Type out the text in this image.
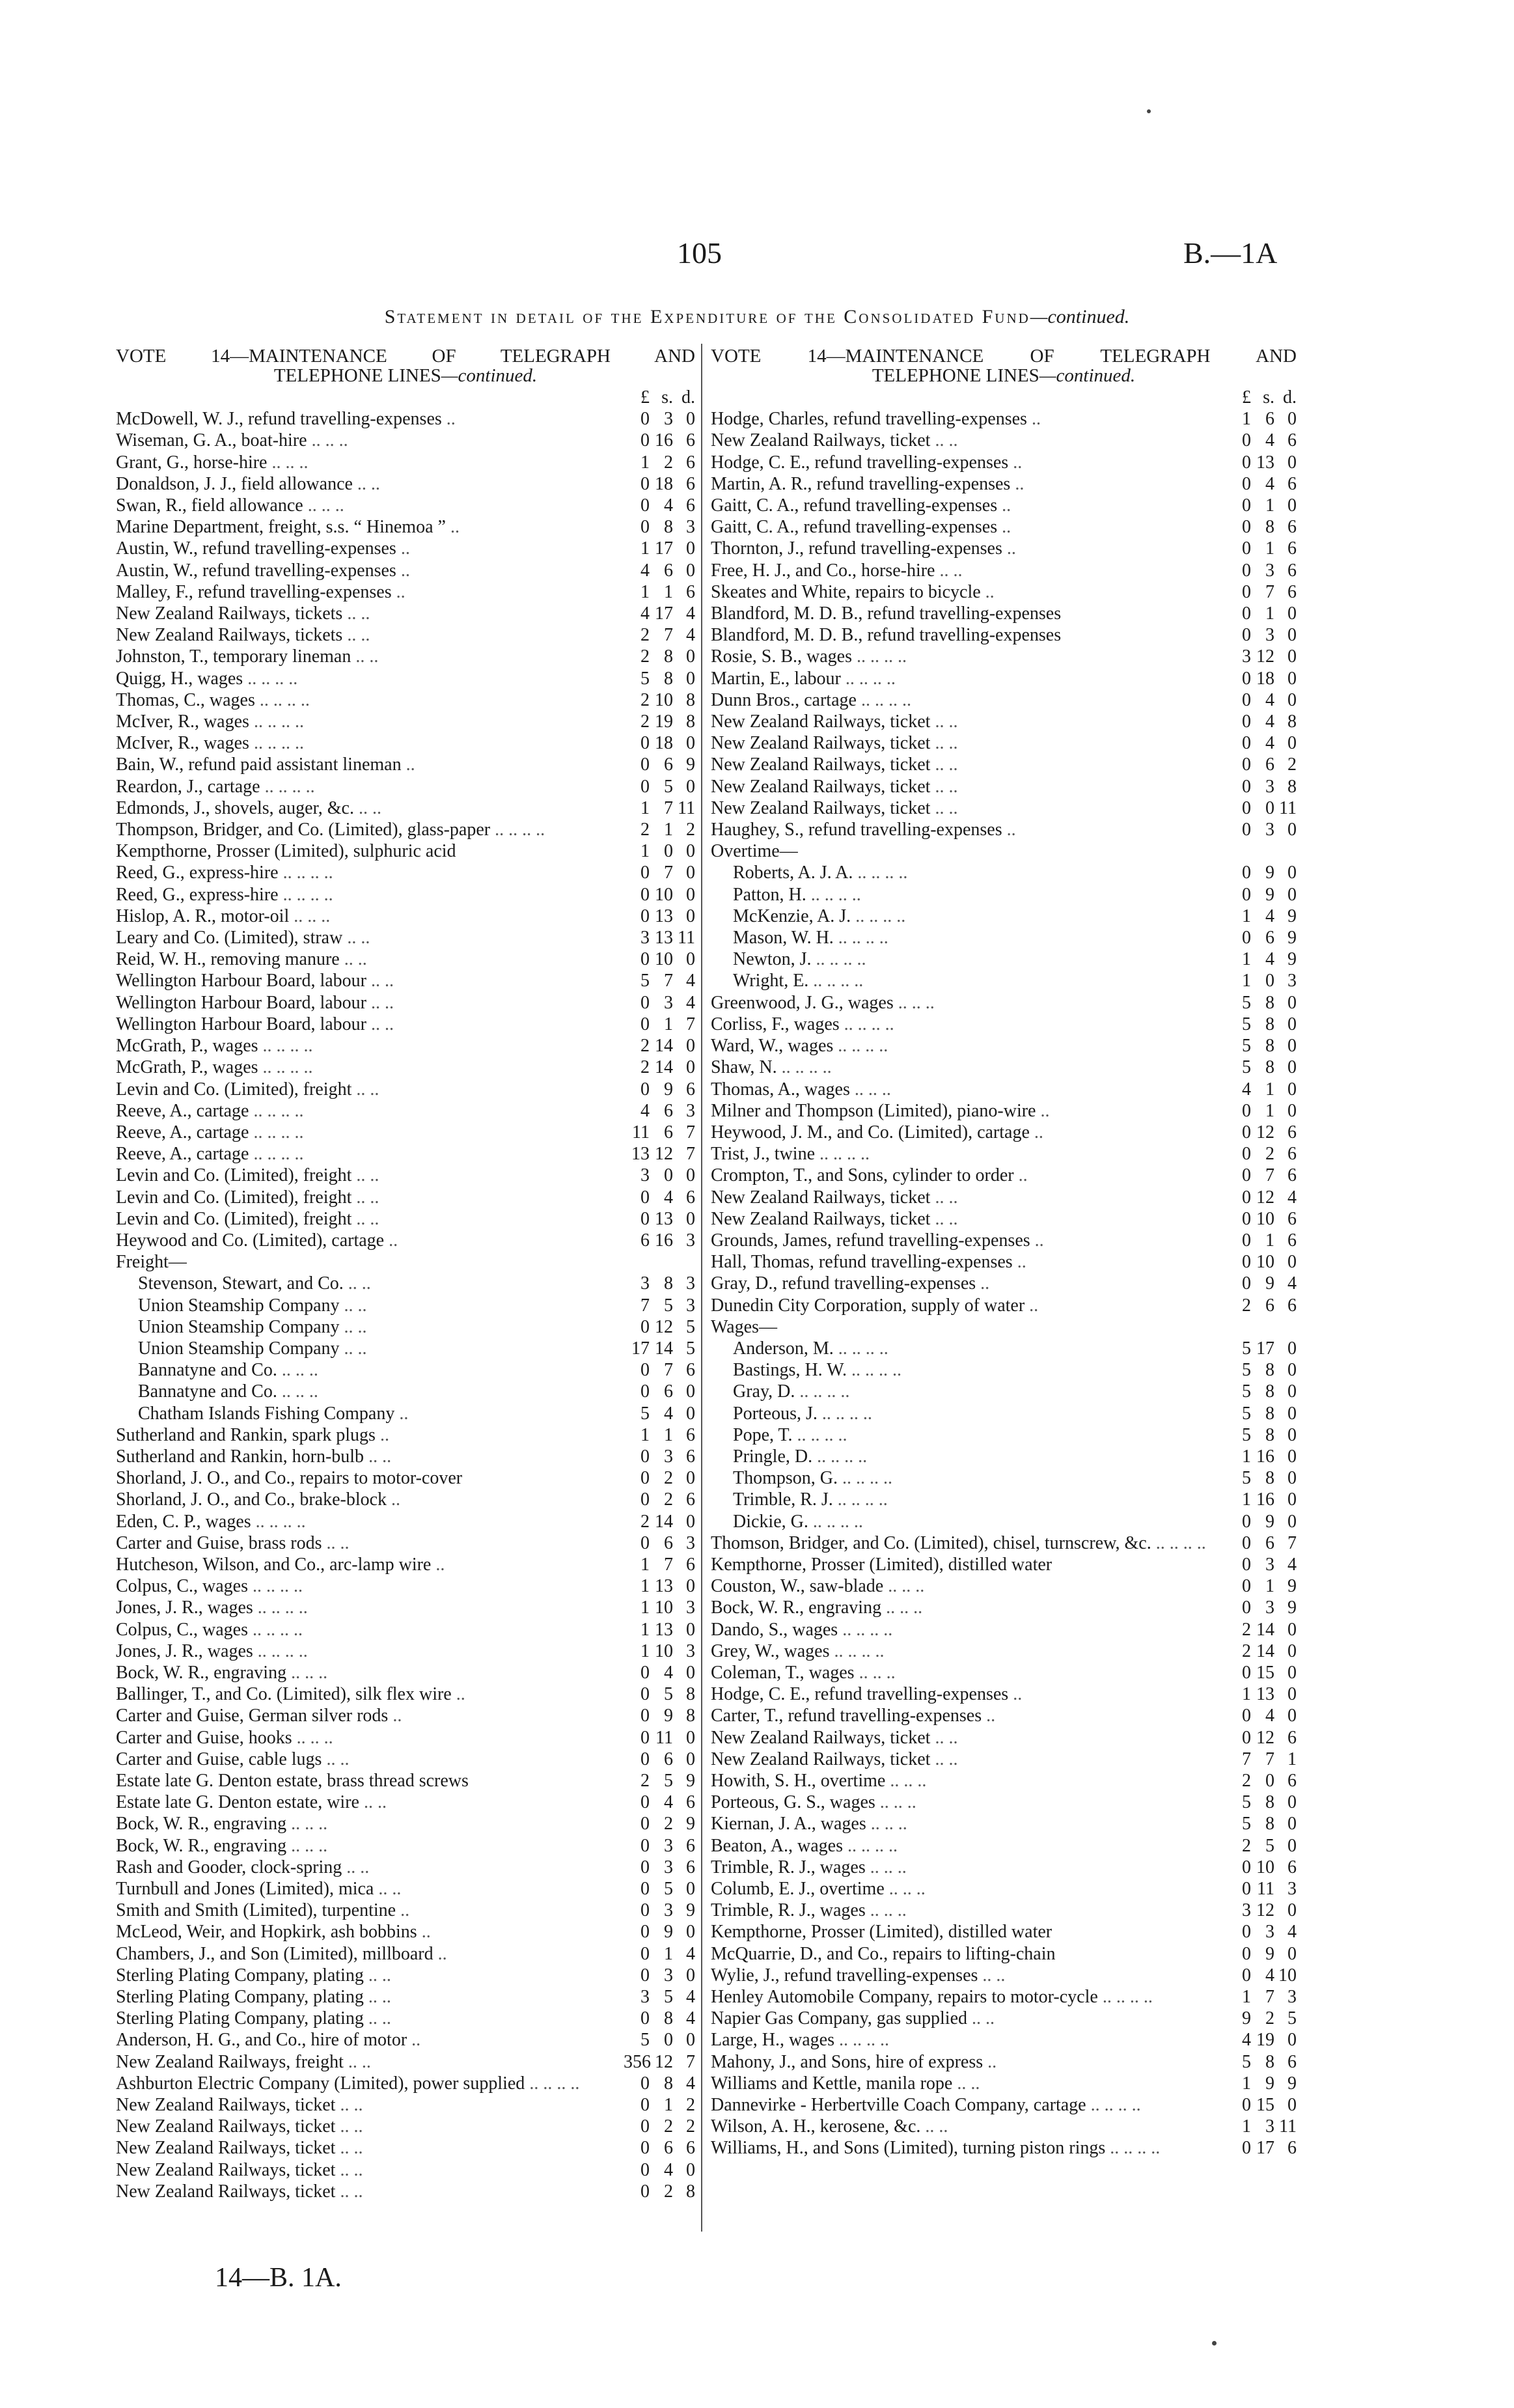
105	B.—1A
Statement in detail of the Expenditure of the Consolidated Fund—continued.
VOTE 14—MAINTENANCE OF TELEGRAPH AND
TELEPHONE LINES—continued.
£ s. d.
McDowell, W. J., refund travelling-expenses ..	0 3 0
Wiseman, G. A., boat-hire .. .. ..	0 16 6
Grant, G., horse-hire .. .. ..	1 2 6
Donaldson, J. J., field allowance .. ..	0 18 6
Swan, R., field allowance .. .. ..	0 4 6
Marine Department, freight, s.s. “ Hinemoa ” ..	0 8 3
Austin, W., refund travelling-expenses ..	1 17 0
Austin, W., refund travelling-expenses ..	4 6 0
Malley, F., refund travelling-expenses ..	1 1 6
New Zealand Railways, tickets .. ..	4 17 4
New Zealand Railways, tickets .. ..	2 7 4
Johnston, T., temporary lineman .. ..	2 8 0
Quigg, H., wages .. .. .. ..	5 8 0
Thomas, C., wages .. .. .. ..	2 10 8
McIver, R., wages .. .. .. ..	2 19 8
McIver, R., wages .. .. .. ..	0 18 0
Bain, W., refund paid assistant lineman ..	0 6 9
Reardon, J., cartage .. .. .. ..	0 5 0
Edmonds, J., shovels, auger, &c. .. ..	1 7 11
Thompson, Bridger, and Co. (Limited), glass-paper .. .. .. ..	2 1 2
Kempthorne, Prosser (Limited), sulphuric acid	1 0 0
Reed, G., express-hire .. .. .. ..	0 7 0
Reed, G., express-hire .. .. .. ..	0 10 0
Hislop, A. R., motor-oil .. .. ..	0 13 0
Leary and Co. (Limited), straw .. ..	3 13 11
Reid, W. H., removing manure .. ..	0 10 0
Wellington Harbour Board, labour .. ..	5 7 4
Wellington Harbour Board, labour .. ..	0 3 4
Wellington Harbour Board, labour .. ..	0 1 7
McGrath, P., wages .. .. .. ..	2 14 0
McGrath, P., wages .. .. .. ..	2 14 0
Levin and Co. (Limited), freight .. ..	0 9 6
Reeve, A., cartage .. .. .. ..	4 6 3
Reeve, A., cartage .. .. .. ..	11 6 7
Reeve, A., cartage .. .. .. ..	13 12 7
Levin and Co. (Limited), freight .. ..	3 0 0
Levin and Co. (Limited), freight .. ..	0 4 6
Levin and Co. (Limited), freight .. ..	0 13 0
Heywood and Co. (Limited), cartage ..	6 16 3
Freight—
Stevenson, Stewart, and Co. .. ..	3 8 3
Union Steamship Company .. ..	7 5 3
Union Steamship Company .. ..	0 12 5
Union Steamship Company .. ..	17 14 5
Bannatyne and Co. .. .. ..	0 7 6
Bannatyne and Co. .. .. ..	0 6 0
Chatham Islands Fishing Company ..	5 4 0
Sutherland and Rankin, spark plugs ..	1 1 6
Sutherland and Rankin, horn-bulb .. ..	0 3 6
Shorland, J. O., and Co., repairs to motor-cover	0 2 0
Shorland, J. O., and Co., brake-block ..	0 2 6
Eden, C. P., wages .. .. .. ..	2 14 0
Carter and Guise, brass rods .. ..	0 6 3
Hutcheson, Wilson, and Co., arc-lamp wire ..	1 7 6
Colpus, C., wages .. .. .. ..	1 13 0
Jones, J. R., wages .. .. .. ..	1 10 3
Colpus, C., wages .. .. .. ..	1 13 0
Jones, J. R., wages .. .. .. ..	1 10 3
Bock, W. R., engraving .. .. ..	0 4 0
Ballinger, T., and Co. (Limited), silk flex wire ..	0 5 8
Carter and Guise, German silver rods ..	0 9 8
Carter and Guise, hooks .. .. ..	0 11 0
Carter and Guise, cable lugs .. ..	0 6 0
Estate late G. Denton estate, brass thread screws	2 5 9
Estate late G. Denton estate, wire .. ..	0 4 6
Bock, W. R., engraving .. .. ..	0 2 9
Bock, W. R., engraving .. .. ..	0 3 6
Rash and Gooder, clock-spring .. ..	0 3 6
Turnbull and Jones (Limited), mica .. ..	0 5 0
Smith and Smith (Limited), turpentine ..	0 3 9
McLeod, Weir, and Hopkirk, ash bobbins ..	0 9 0
Chambers, J., and Son (Limited), millboard ..	0 1 4
Sterling Plating Company, plating .. ..	0 3 0
Sterling Plating Company, plating .. ..	3 5 4
Sterling Plating Company, plating .. ..	0 8 4
Anderson, H. G., and Co., hire of motor ..	5 0 0
New Zealand Railways, freight .. ..	356 12 7
Ashburton Electric Company (Limited), power supplied .. .. .. ..	0 8 4
New Zealand Railways, ticket .. ..	0 1 2
New Zealand Railways, ticket .. ..	0 2 2
New Zealand Railways, ticket .. ..	0 6 6
New Zealand Railways, ticket .. ..	0 4 0
New Zealand Railways, ticket .. ..	0 2 8
VOTE 14—MAINTENANCE OF TELEGRAPH AND
TELEPHONE LINES—continued.
£ s. d.
Hodge, Charles, refund travelling-expenses ..	1 6 0
New Zealand Railways, ticket .. ..	0 4 6
Hodge, C. E., refund travelling-expenses ..	0 13 0
Martin, A. R., refund travelling-expenses ..	0 4 6
Gaitt, C. A., refund travelling-expenses ..	0 1 0
Gaitt, C. A., refund travelling-expenses ..	0 8 6
Thornton, J., refund travelling-expenses ..	0 1 6
Free, H. J., and Co., horse-hire .. ..	0 3 6
Skeates and White, repairs to bicycle ..	0 7 6
Blandford, M. D. B., refund travelling-expenses	0 1 0
Blandford, M. D. B., refund travelling-expenses	0 3 0
Rosie, S. B., wages .. .. .. ..	3 12 0
Martin, E., labour .. .. .. ..	0 18 0
Dunn Bros., cartage .. .. .. ..	0 4 0
New Zealand Railways, ticket .. ..	0 4 8
New Zealand Railways, ticket .. ..	0 4 0
New Zealand Railways, ticket .. ..	0 6 2
New Zealand Railways, ticket .. ..	0 3 8
New Zealand Railways, ticket .. ..	0 0 11
Haughey, S., refund travelling-expenses ..	0 3 0
Overtime—
Roberts, A. J. A. .. .. .. ..	0 9 0
Patton, H. .. .. .. ..	0 9 0
McKenzie, A. J. .. .. .. ..	1 4 9
Mason, W. H. .. .. .. ..	0 6 9
Newton, J. .. .. .. ..	1 4 9
Wright, E. .. .. .. ..	1 0 3
Greenwood, J. G., wages .. .. ..	5 8 0
Corliss, F., wages .. .. .. ..	5 8 0
Ward, W., wages .. .. .. ..	5 8 0
Shaw, N. .. .. .. ..	5 8 0
Thomas, A., wages .. .. ..	4 1 0
Milner and Thompson (Limited), piano-wire ..	0 1 0
Heywood, J. M., and Co. (Limited), cartage ..	0 12 6
Trist, J., twine .. .. .. ..	0 2 6
Crompton, T., and Sons, cylinder to order ..	0 7 6
New Zealand Railways, ticket .. ..	0 12 4
New Zealand Railways, ticket .. ..	0 10 6
Grounds, James, refund travelling-expenses ..	0 1 6
Hall, Thomas, refund travelling-expenses ..	0 10 0
Gray, D., refund travelling-expenses ..	0 9 4
Dunedin City Corporation, supply of water ..	2 6 6
Wages—
Anderson, M. .. .. .. ..	5 17 0
Bastings, H. W. .. .. .. ..	5 8 0
Gray, D. .. .. .. ..	5 8 0
Porteous, J. .. .. .. ..	5 8 0
Pope, T. .. .. .. ..	5 8 0
Pringle, D. .. .. .. ..	1 16 0
Thompson, G. .. .. .. ..	5 8 0
Trimble, R. J. .. .. .. ..	1 16 0
Dickie, G. .. .. .. ..	0 9 0
Thomson, Bridger, and Co. (Limited), chisel, turnscrew, &c. .. .. .. ..	0 6 7
Kempthorne, Prosser (Limited), distilled water	0 3 4
Couston, W., saw-blade .. .. ..	0 1 9
Bock, W. R., engraving .. .. ..	0 3 9
Dando, S., wages .. .. .. ..	2 14 0
Grey, W., wages .. .. .. ..	2 14 0
Coleman, T., wages .. .. ..	0 15 0
Hodge, C. E., refund travelling-expenses ..	1 13 0
Carter, T., refund travelling-expenses ..	0 4 0
New Zealand Railways, ticket .. ..	0 12 6
New Zealand Railways, ticket .. ..	7 7 1
Howith, S. H., overtime .. .. ..	2 0 6
Porteous, G. S., wages .. .. ..	5 8 0
Kiernan, J. A., wages .. .. ..	5 8 0
Beaton, A., wages .. .. .. ..	2 5 0
Trimble, R. J., wages .. .. ..	0 10 6
Columb, E. J., overtime .. .. ..	0 11 3
Trimble, R. J., wages .. .. ..	3 12 0
Kempthorne, Prosser (Limited), distilled water	0 3 4
McQuarrie, D., and Co., repairs to lifting-chain	0 9 0
Wylie, J., refund travelling-expenses .. ..	0 4 10
Henley Automobile Company, repairs to motor-cycle .. .. .. ..	1 7 3
Napier Gas Company, gas supplied .. ..	9 2 5
Large, H., wages .. .. .. ..	4 19 0
Mahony, J., and Sons, hire of express ..	5 8 6
Williams and Kettle, manila rope .. ..	1 9 9
Dannevirke - Herbertville Coach Company, cartage .. .. .. ..	0 15 0
Wilson, A. H., kerosene, &c. .. ..	1 3 11
Williams, H., and Sons (Limited), turning piston rings .. .. .. ..	0 17 6
14—B. 1A.
